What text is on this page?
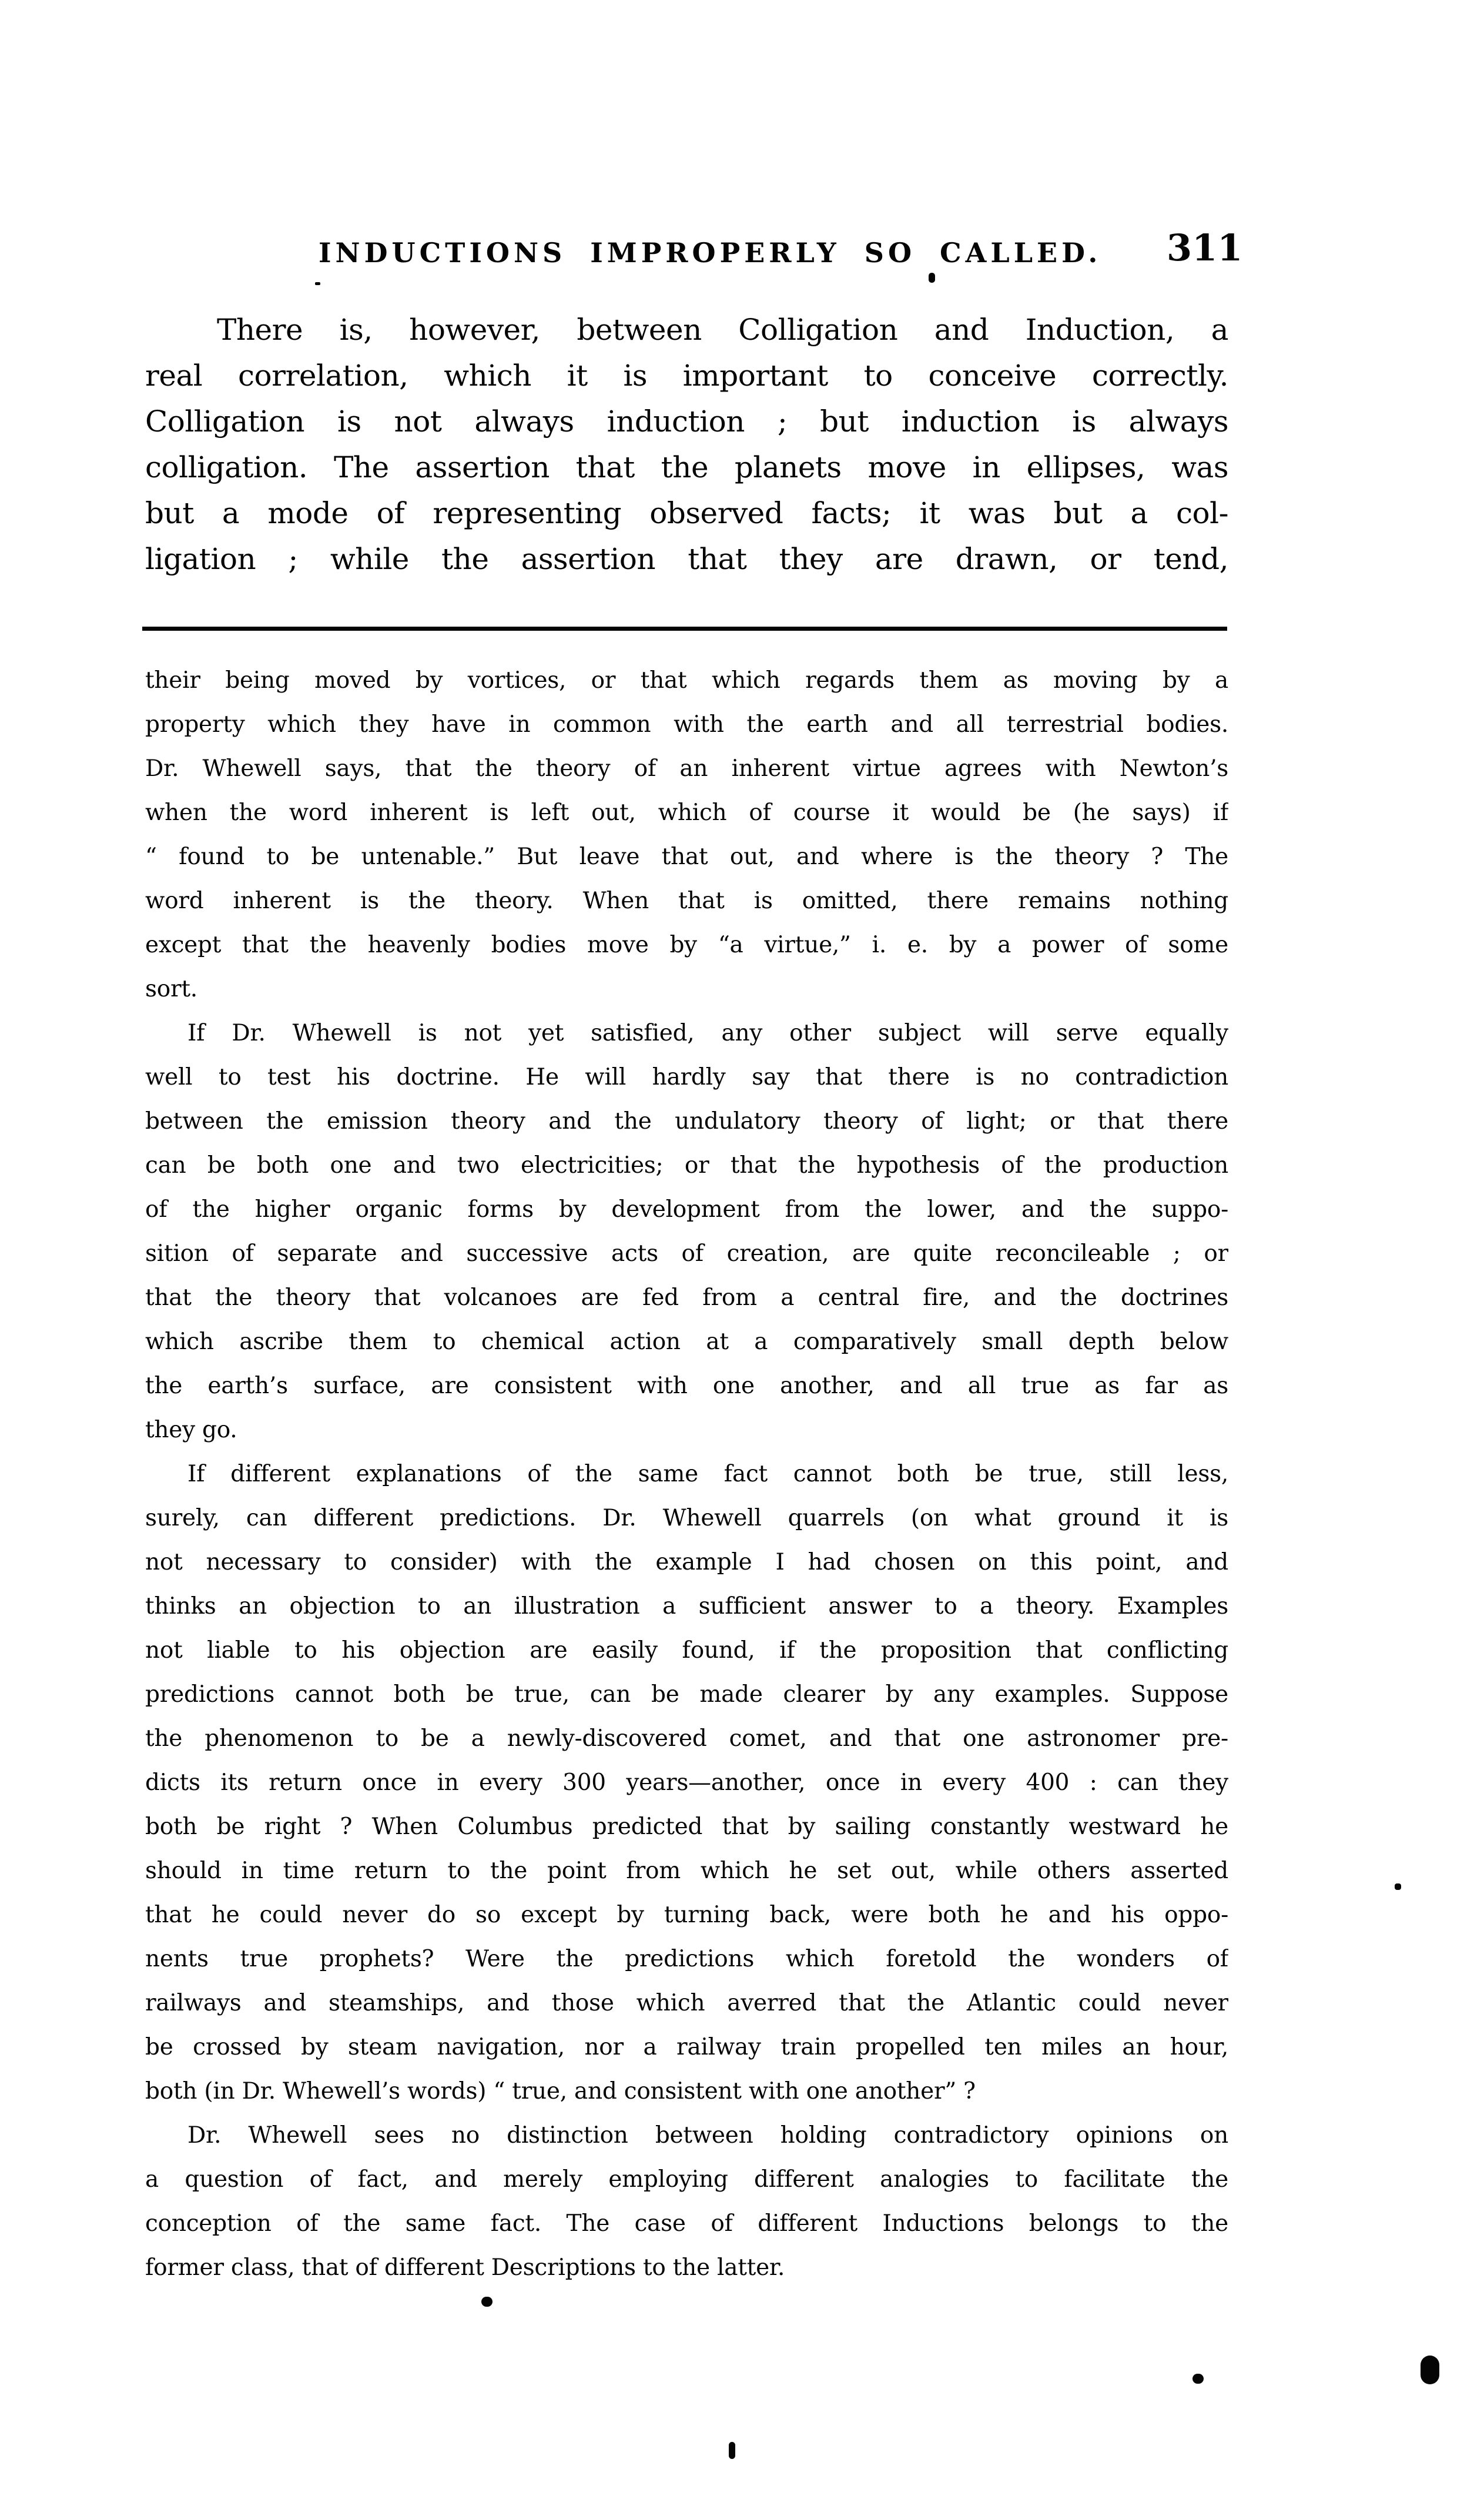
INDUCTIONS IMPROPERLY SO CALLED. 311
There is, however, between Colligation and Induction, a
real correlation, which it is important to conceive correctly.
Colligation is not always induction ; but induction is always
colligation. The assertion that the planets move in ellipses, was
but a mode of representing observed facts; it was but a col-
ligation ; while the assertion that they are drawn, or tend,
their being moved by vortices, or that which regards them as moving by a
property which they have in common with the earth and all terrestrial bodies.
Dr. Whewell says, that the theory of an inherent virtue agrees with Newton’s
when the word inherent is left out, which of course it would be (he says) if
“ found to be untenable.” But leave that out, and where is the theory ? The
word inherent is the theory. When that is omitted, there remains nothing
except that the heavenly bodies move by “a virtue,” i. e. by a power of some
sort.
If Dr. Whewell is not yet satisfied, any other subject will serve equally
well to test his doctrine. He will hardly say that there is no contradiction
between the emission theory and the undulatory theory of light; or that there
can be both one and two electricities; or that the hypothesis of the production
of the higher organic forms by development from the lower, and the suppo-
sition of separate and successive acts of creation, are quite reconcileable ; or
that the theory that volcanoes are fed from a central fire, and the doctrines
which ascribe them to chemical action at a comparatively small depth below
the earth’s surface, are consistent with one another, and all true as far as
they go.
If different explanations of the same fact cannot both be true, still less,
surely, can different predictions. Dr. Whewell quarrels (on what ground it is
not necessary to consider) with the example I had chosen on this point, and
thinks an objection to an illustration a sufficient answer to a theory. Examples
not liable to his objection are easily found, if the proposition that conflicting
predictions cannot both be true, can be made clearer by any examples. Suppose
the phenomenon to be a newly-discovered comet, and that one astronomer pre-
dicts its return once in every 300 years—another, once in every 400 : can they
both be right ? When Columbus predicted that by sailing constantly westward he
should in time return to the point from which he set out, while others asserted
that he could never do so except by turning back, were both he and his oppo-
nents true prophets? Were the predictions which foretold the wonders of
railways and steamships, and those which averred that the Atlantic could never
be crossed by steam navigation, nor a railway train propelled ten miles an hour,
both (in Dr. Whewell’s words) “ true, and consistent with one another” ?
Dr. Whewell sees no distinction between holding contradictory opinions on
a question of fact, and merely employing different analogies to facilitate the
conception of the same fact. The case of different Inductions belongs to the
former class, that of different Descriptions to the latter.
